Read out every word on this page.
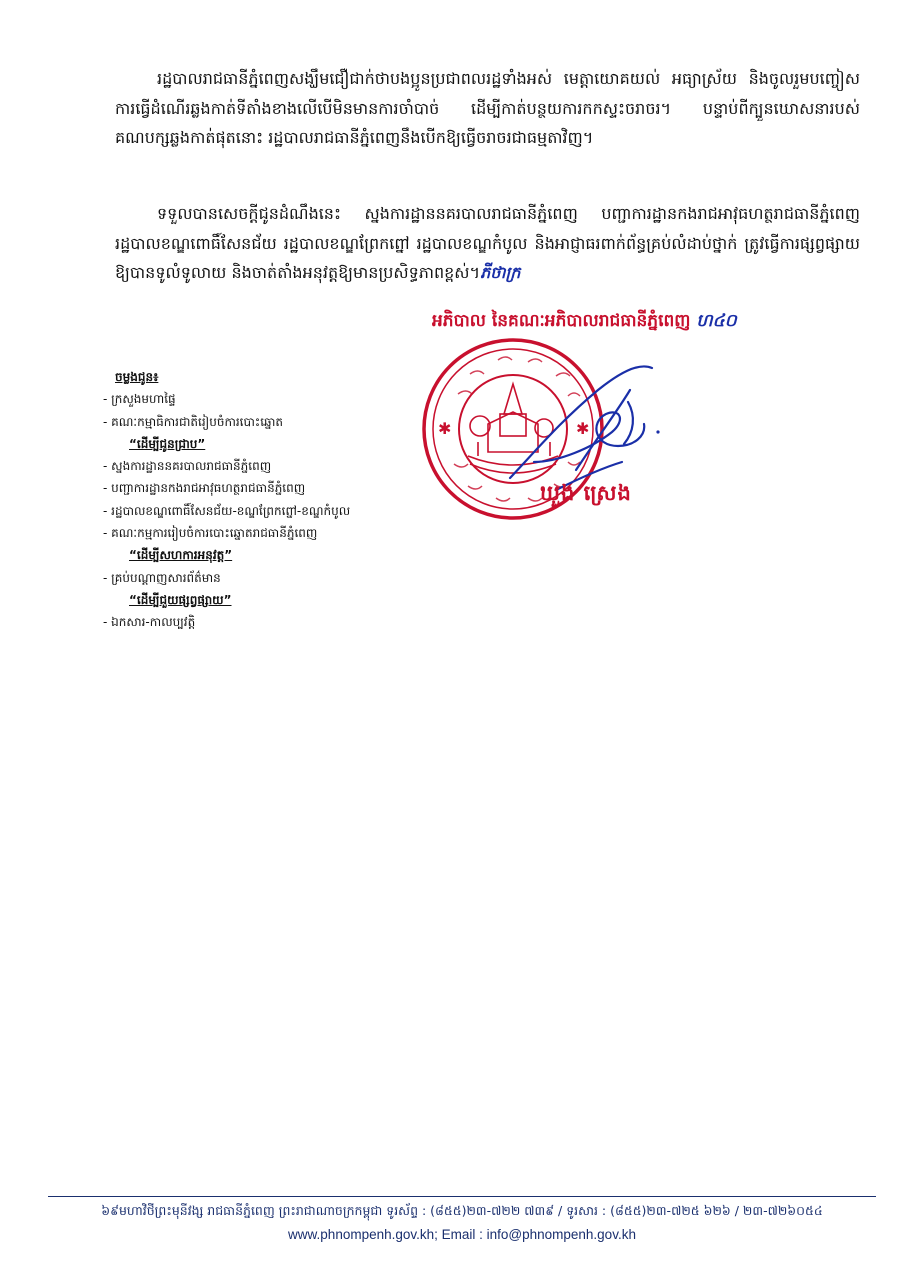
រដ្ឋបាលរាជធានីភ្នំពេញសង្ឃឹមជឿជាក់ថាបងប្អូនប្រជាពលរដ្ឋទាំងអស់ មេត្តាយោគយល់ អធ្យាស្រ័យ និងចូលរួមបញ្ចៀសការធ្វើដំណើរឆ្លងកាត់ទីតាំងខាងលើបើមិនមានការចាំបាច់ ដើម្បីកាត់បន្ថយការកកស្ទះចរាចរ។ បន្ទាប់ពីក្បួនឃោសនារបស់គណបក្សឆ្លងកាត់ផុតនោះ រដ្ឋបាលរាជធានីភ្នំពេញនឹងបើកឱ្យធ្វើចរាចរជាធម្មតាវិញ។

ទទួលបានសេចក្តីជូនដំណឹងនេះ ស្នងការដ្ឋាននគរបាលរាជធានីភ្នំពេញ បញ្ជាការដ្ឋានកងរាជអាវុធហត្ថរាជធានីភ្នំពេញ រដ្ឋបាលខណ្ឌពោធិ៍សែនជ័យ រដ្ឋបាលខណ្ឌព្រែកព្នៅ រដ្ឋបាលខណ្ឌកំបូល និងអាជ្ញាធរពាក់ព័ន្ធគ្រប់លំដាប់ថ្នាក់ ត្រូវធ្វើការផ្សព្វផ្សាយឱ្យបានទូលំទូលាយ និងចាត់តាំងអនុវត្តឱ្យមានប្រសិទ្ធភាពខ្ពស់។ភីថាក្រ

អភិបាល នៃគណៈអភិបាលរាជធានីភ្នំពេញ ហ៤០
✱	✱
ឃួង ស្រេង
ចម្លងជូន៖
- ក្រសួងមហាផ្ទៃ
- គណៈកម្មាធិការជាតិរៀបចំការបោះឆ្នោត
“ដើម្បីជូនជ្រាប”
- ស្នងការដ្ឋាននគរបាលរាជធានីភ្នំពេញ
- បញ្ជាការដ្ឋានកងរាជអាវុធហត្ថរាជធានីភ្នំពេញ
- រដ្ឋបាលខណ្ឌពោធិ៍សែនជ័យ-ខណ្ឌព្រែកព្នៅ-ខណ្ឌកំបូល
- គណៈកម្មការរៀបចំការបោះឆ្នោតរាជធានីភ្នំពេញ
“ដើម្បីសហការអនុវត្ត”
- គ្រប់បណ្តាញសារព័ត៌មាន
“ដើម្បីជួយផ្សព្វផ្សាយ”
- ឯកសារ-កាលប្បវត្តិ
៦៩មហាវិថីព្រះមុនីវង្ស រាជធានីភ្នំពេញ ព្រះរាជាណាចក្រកម្ពុជា ទូរស័ព្ទ : (៨៥៥)២៣-៧២២ ៧៣៩ / ទូរសារ : (៨៥៥)២៣-៧២៥ ៦២៦ / ២៣-៧២៦០៥៤
www.phnompenh.gov.kh; Email : info@phnompenh.gov.kh
